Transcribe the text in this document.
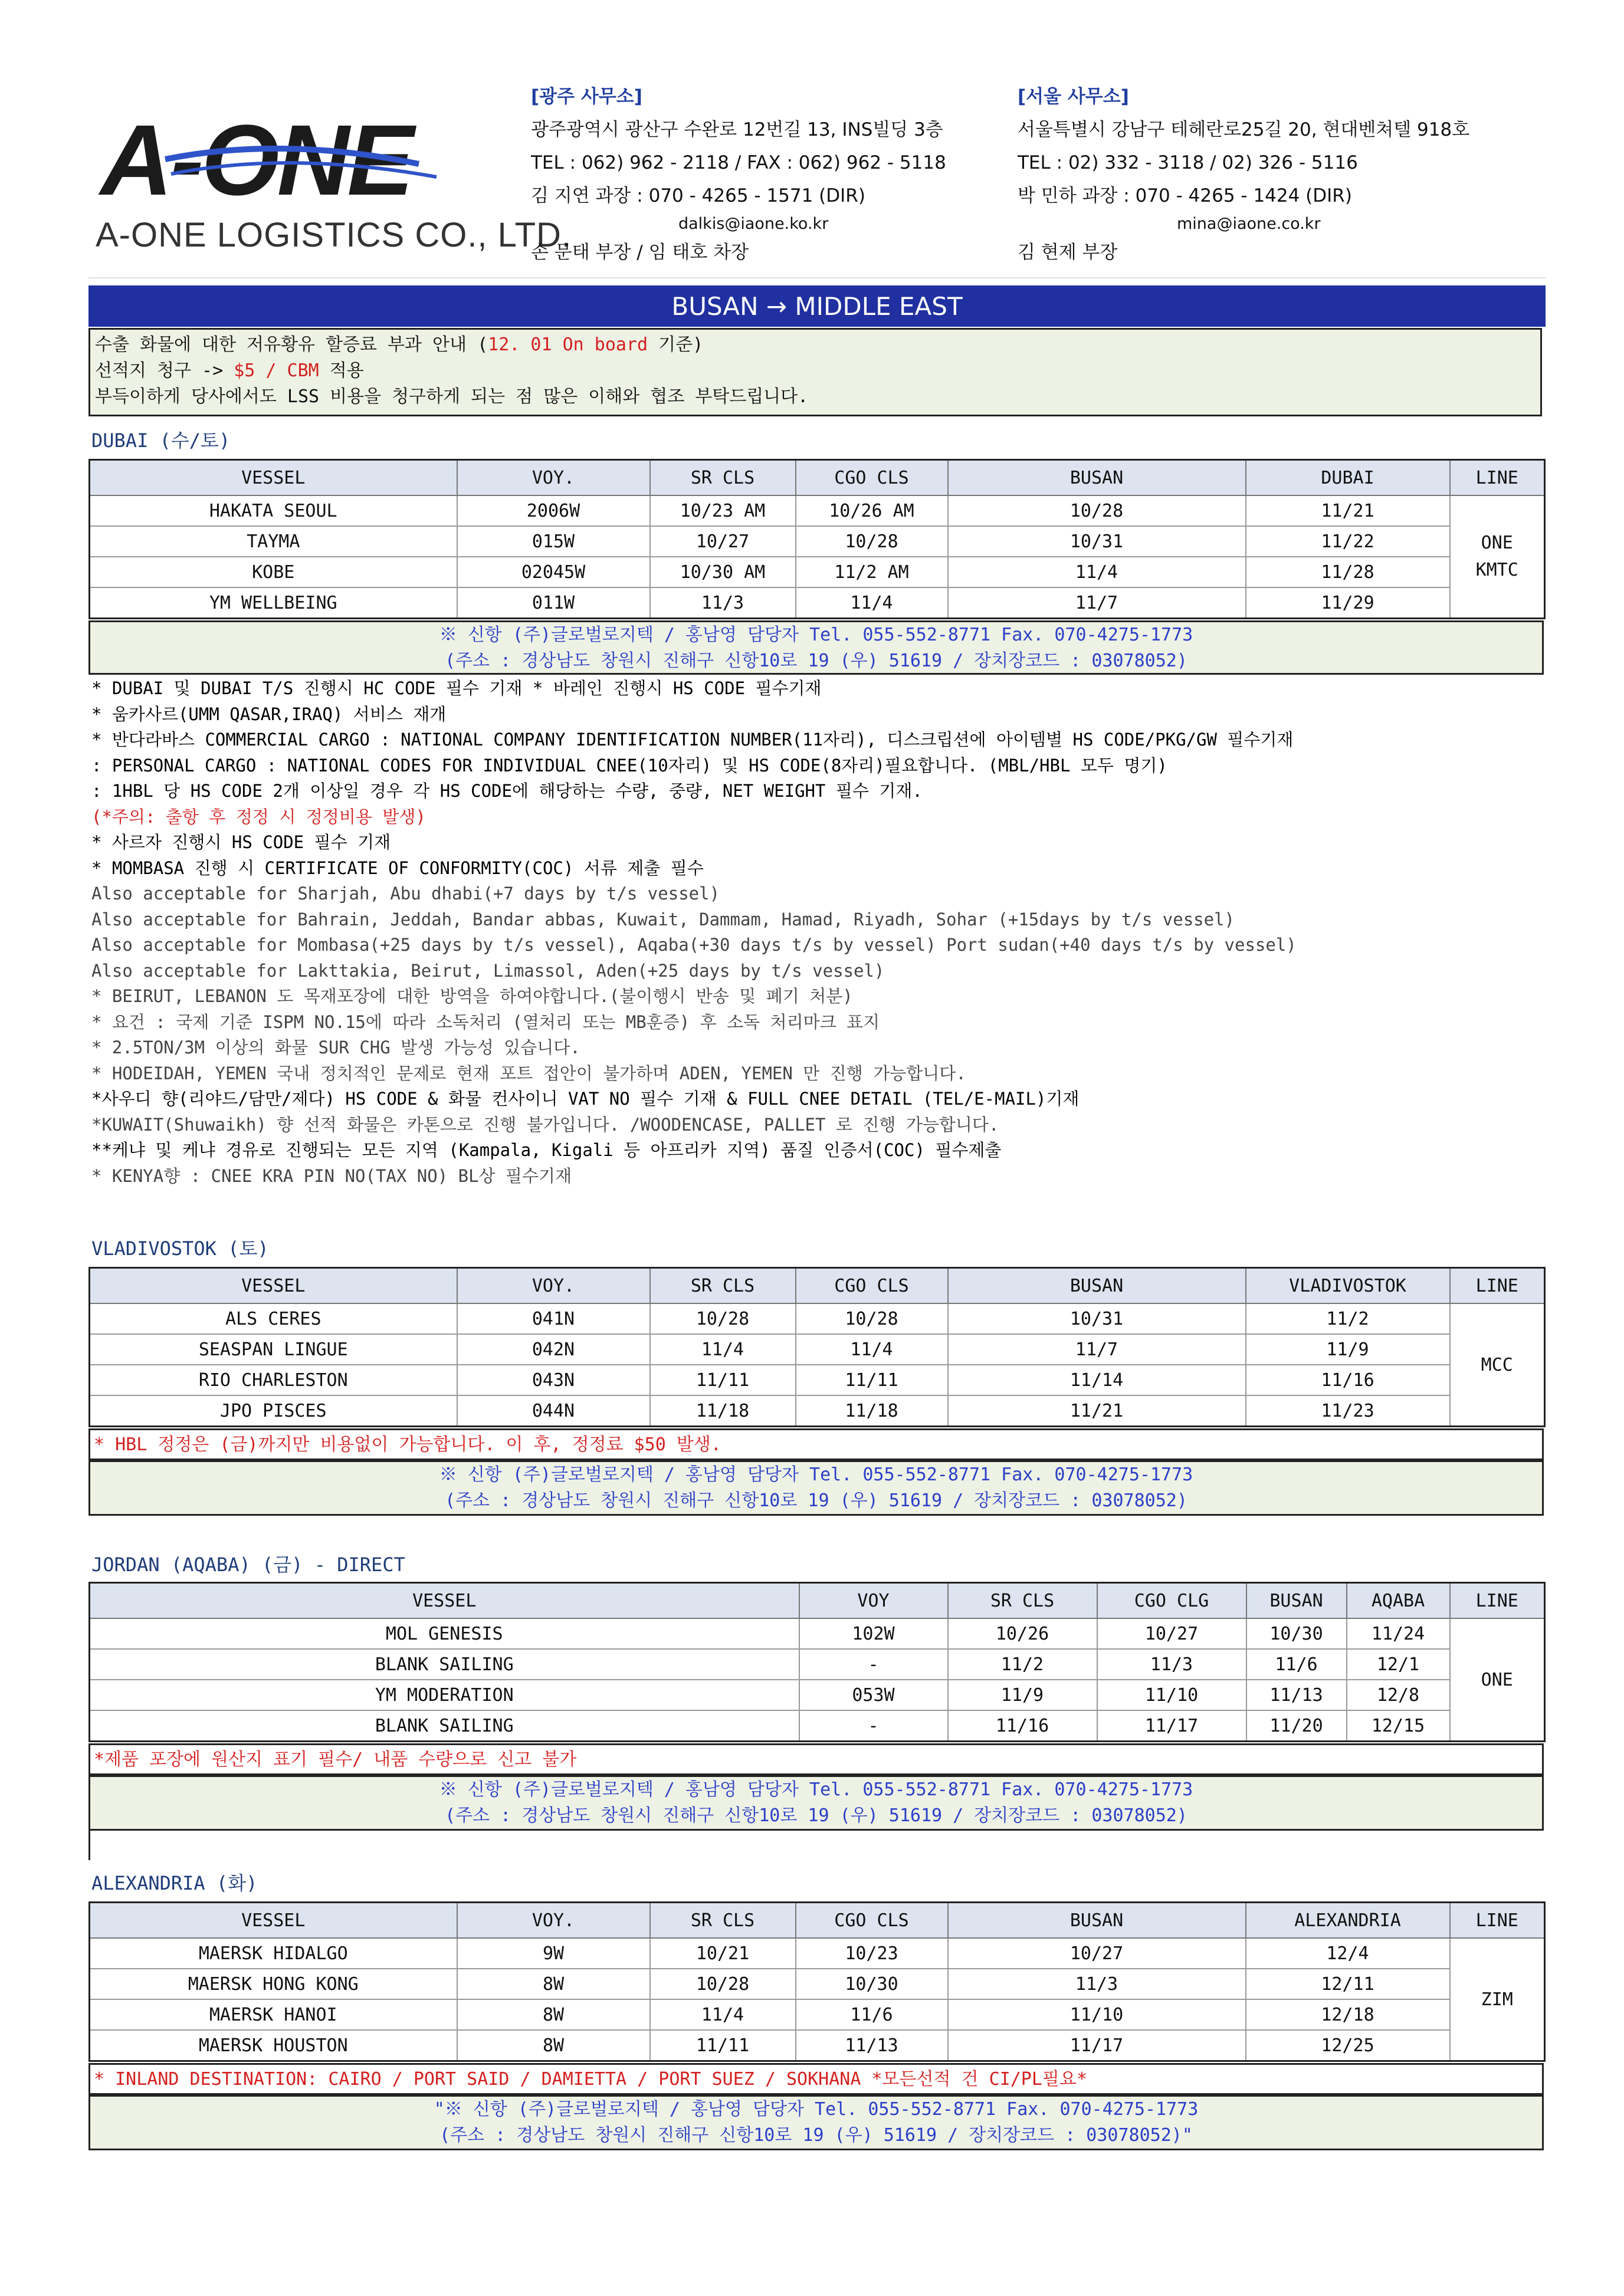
A-ONE
A-ONE LOGISTICS CO., LTD.
[광주 사무소]
광주광역시 광산구 수완로 12번길 13, INS빌딩 3층
TEL : 062) 962 - 2118 / FAX : 062) 962 - 5118
김 지연 과장 : 070 - 4265 - 1571 (DIR)
dalkis@iaone.ko.kr
손 문태 부장 / 임 태호 차장
[서울 사무소]
서울특별시 강남구 테헤란로25길 20, 현대벤쳐텔 918호
TEL : 02) 332 - 3118 / 02) 326 - 5116
박 민하 과장 : 070 - 4265 - 1424 (DIR)
mina@iaone.co.kr
김 현제 부장
BUSAN → MIDDLE EAST
수출 화물에 대한 저유황유 할증료 부과 안내 (12. 01 On board 기준)
선적지 청구 -> $5 / CBM 적용
부득이하게 당사에서도 LSS 비용을 청구하게 되는 점 많은 이해와 협조 부탁드립니다.
DUBAI (수/토)
VESSEL	VOY.	SR CLS	CGO CLS	BUSAN	DUBAI	LINE
HAKATA SEOUL	2006W	10/23 AM	10/26 AM	10/28	11/21	ONE
KMTC

TAYMA	015W	10/27	10/28	10/31	11/22	
KOBE	02045W	10/30 AM	11/2 AM	11/4	11/28	
YM WELLBEING	011W	11/3	11/4	11/7	11/29	
※ 신항 (주)글로벌로지텍 / 홍남영 담당자 Tel. 055-552-8771 Fax. 070-4275-1773
(주소 : 경상남도 창원시 진해구 신항10로 19 (우) 51619 / 장치장코드 : 03078052)
* DUBAI 및 DUBAI T/S 진행시 HC CODE 필수 기재 * 바레인 진행시 HS CODE 필수기재
* 움카사르(UMM QASAR,IRAQ) 서비스 재개
* 반다라바스 COMMERCIAL CARGO : NATIONAL COMPANY IDENTIFICATION NUMBER(11자리), 디스크립션에 아이템별 HS CODE/PKG/GW 필수기재
: PERSONAL CARGO : NATIONAL CODES FOR INDIVIDUAL CNEE(10자리) 및 HS CODE(8자리)필요합니다. (MBL/HBL 모두 명기)
: 1HBL 당 HS CODE 2개 이상일 경우 각 HS CODE에 해당하는 수량, 중량, NET WEIGHT 필수 기재.
(*주의: 출항 후 정정 시 정정비용 발생)
* 사르자 진행시 HS CODE 필수 기재
* MOMBASA 진행 시 CERTIFICATE OF CONFORMITY(COC) 서류 제출 필수
Also acceptable for Sharjah, Abu dhabi(+7 days by t/s vessel)
Also acceptable for Bahrain, Jeddah, Bandar abbas, Kuwait, Dammam, Hamad, Riyadh, Sohar (+15days by t/s vessel)
Also acceptable for Mombasa(+25 days by t/s vessel), Aqaba(+30 days t/s by vessel) Port sudan(+40 days t/s by vessel)
Also acceptable for Lakttakia, Beirut, Limassol, Aden(+25 days by t/s vessel)
* BEIRUT, LEBANON 도 목재포장에 대한 방역을 하여야합니다.(불이행시 반송 및 폐기 처분)
* 요건 : 국제 기준 ISPM NO.15에 따라 소독처리 (열처리 또는 MB훈증) 후 소독 처리마크 표지
* 2.5TON/3M 이상의 화물 SUR CHG 발생 가능성 있습니다.
* HODEIDAH, YEMEN 국내 정치적인 문제로 현재 포트 접안이 불가하며 ADEN, YEMEN 만 진행 가능합니다.
*사우디 향(리야드/담만/제다) HS CODE & 화물 컨사이니 VAT NO 필수 기재 & FULL CNEE DETAIL (TEL/E-MAIL)기재
*KUWAIT(Shuwaikh) 향 선적 화물은 카톤으로 진행 불가입니다. /WOODENCASE, PALLET 로 진행 가능합니다.
**케냐 및 케냐 경유로 진행되는 모든 지역 (Kampala, Kigali 등 아프리카 지역) 품질 인증서(COC) 필수제출
* KENYA향 : CNEE KRA PIN NO(TAX NO) BL상 필수기재
VLADIVOSTOK (토)
VESSEL	VOY.	SR CLS	CGO CLS	BUSAN	VLADIVOSTOK	LINE
ALS CERES	041N	10/28	10/28	10/31	11/2	MCC
SEASPAN LINGUE	042N	11/4	11/4	11/7	11/9	
RIO CHARLESTON	043N	11/11	11/11	11/14	11/16	
JPO PISCES	044N	11/18	11/18	11/21	11/23	
* HBL 정정은 (금)까지만 비용없이 가능합니다. 이 후, 정정료 $50 발생.
※ 신항 (주)글로벌로지텍 / 홍남영 담당자 Tel. 055-552-8771 Fax. 070-4275-1773
(주소 : 경상남도 창원시 진해구 신항10로 19 (우) 51619 / 장치장코드 : 03078052)
JORDAN (AQABA) (금) - DIRECT
VESSEL	VOY	SR CLS	CGO CLG	BUSAN	AQABA	LINE
MOL GENESIS	102W	10/26	10/27	10/30	11/24	ONE
BLANK SAILING	-	11/2	11/3	11/6	12/1	
YM MODERATION	053W	11/9	11/10	11/13	12/8	
BLANK SAILING	-	11/16	11/17	11/20	12/15	
*제품 포장에 원산지 표기 필수/ 내품 수량으로 신고 불가
※ 신항 (주)글로벌로지텍 / 홍남영 담당자 Tel. 055-552-8771 Fax. 070-4275-1773
(주소 : 경상남도 창원시 진해구 신항10로 19 (우) 51619 / 장치장코드 : 03078052)
ALEXANDRIA (화)
VESSEL	VOY.	SR CLS	CGO CLS	BUSAN	ALEXANDRIA	LINE
MAERSK HIDALGO	9W	10/21	10/23	10/27	12/4	ZIM
MAERSK HONG KONG	8W	10/28	10/30	11/3	12/11	
MAERSK HANOI	8W	11/4	11/6	11/10	12/18	
MAERSK HOUSTON	8W	11/11	11/13	11/17	12/25	
* INLAND DESTINATION: CAIRO / PORT SAID / DAMIETTA / PORT SUEZ / SOKHANA *모든선적 건 CI/PL필요*
"※ 신항 (주)글로벌로지텍 / 홍남영 담당자 Tel. 055-552-8771 Fax. 070-4275-1773
(주소 : 경상남도 창원시 진해구 신항10로 19 (우) 51619 / 장치장코드 : 03078052)"
